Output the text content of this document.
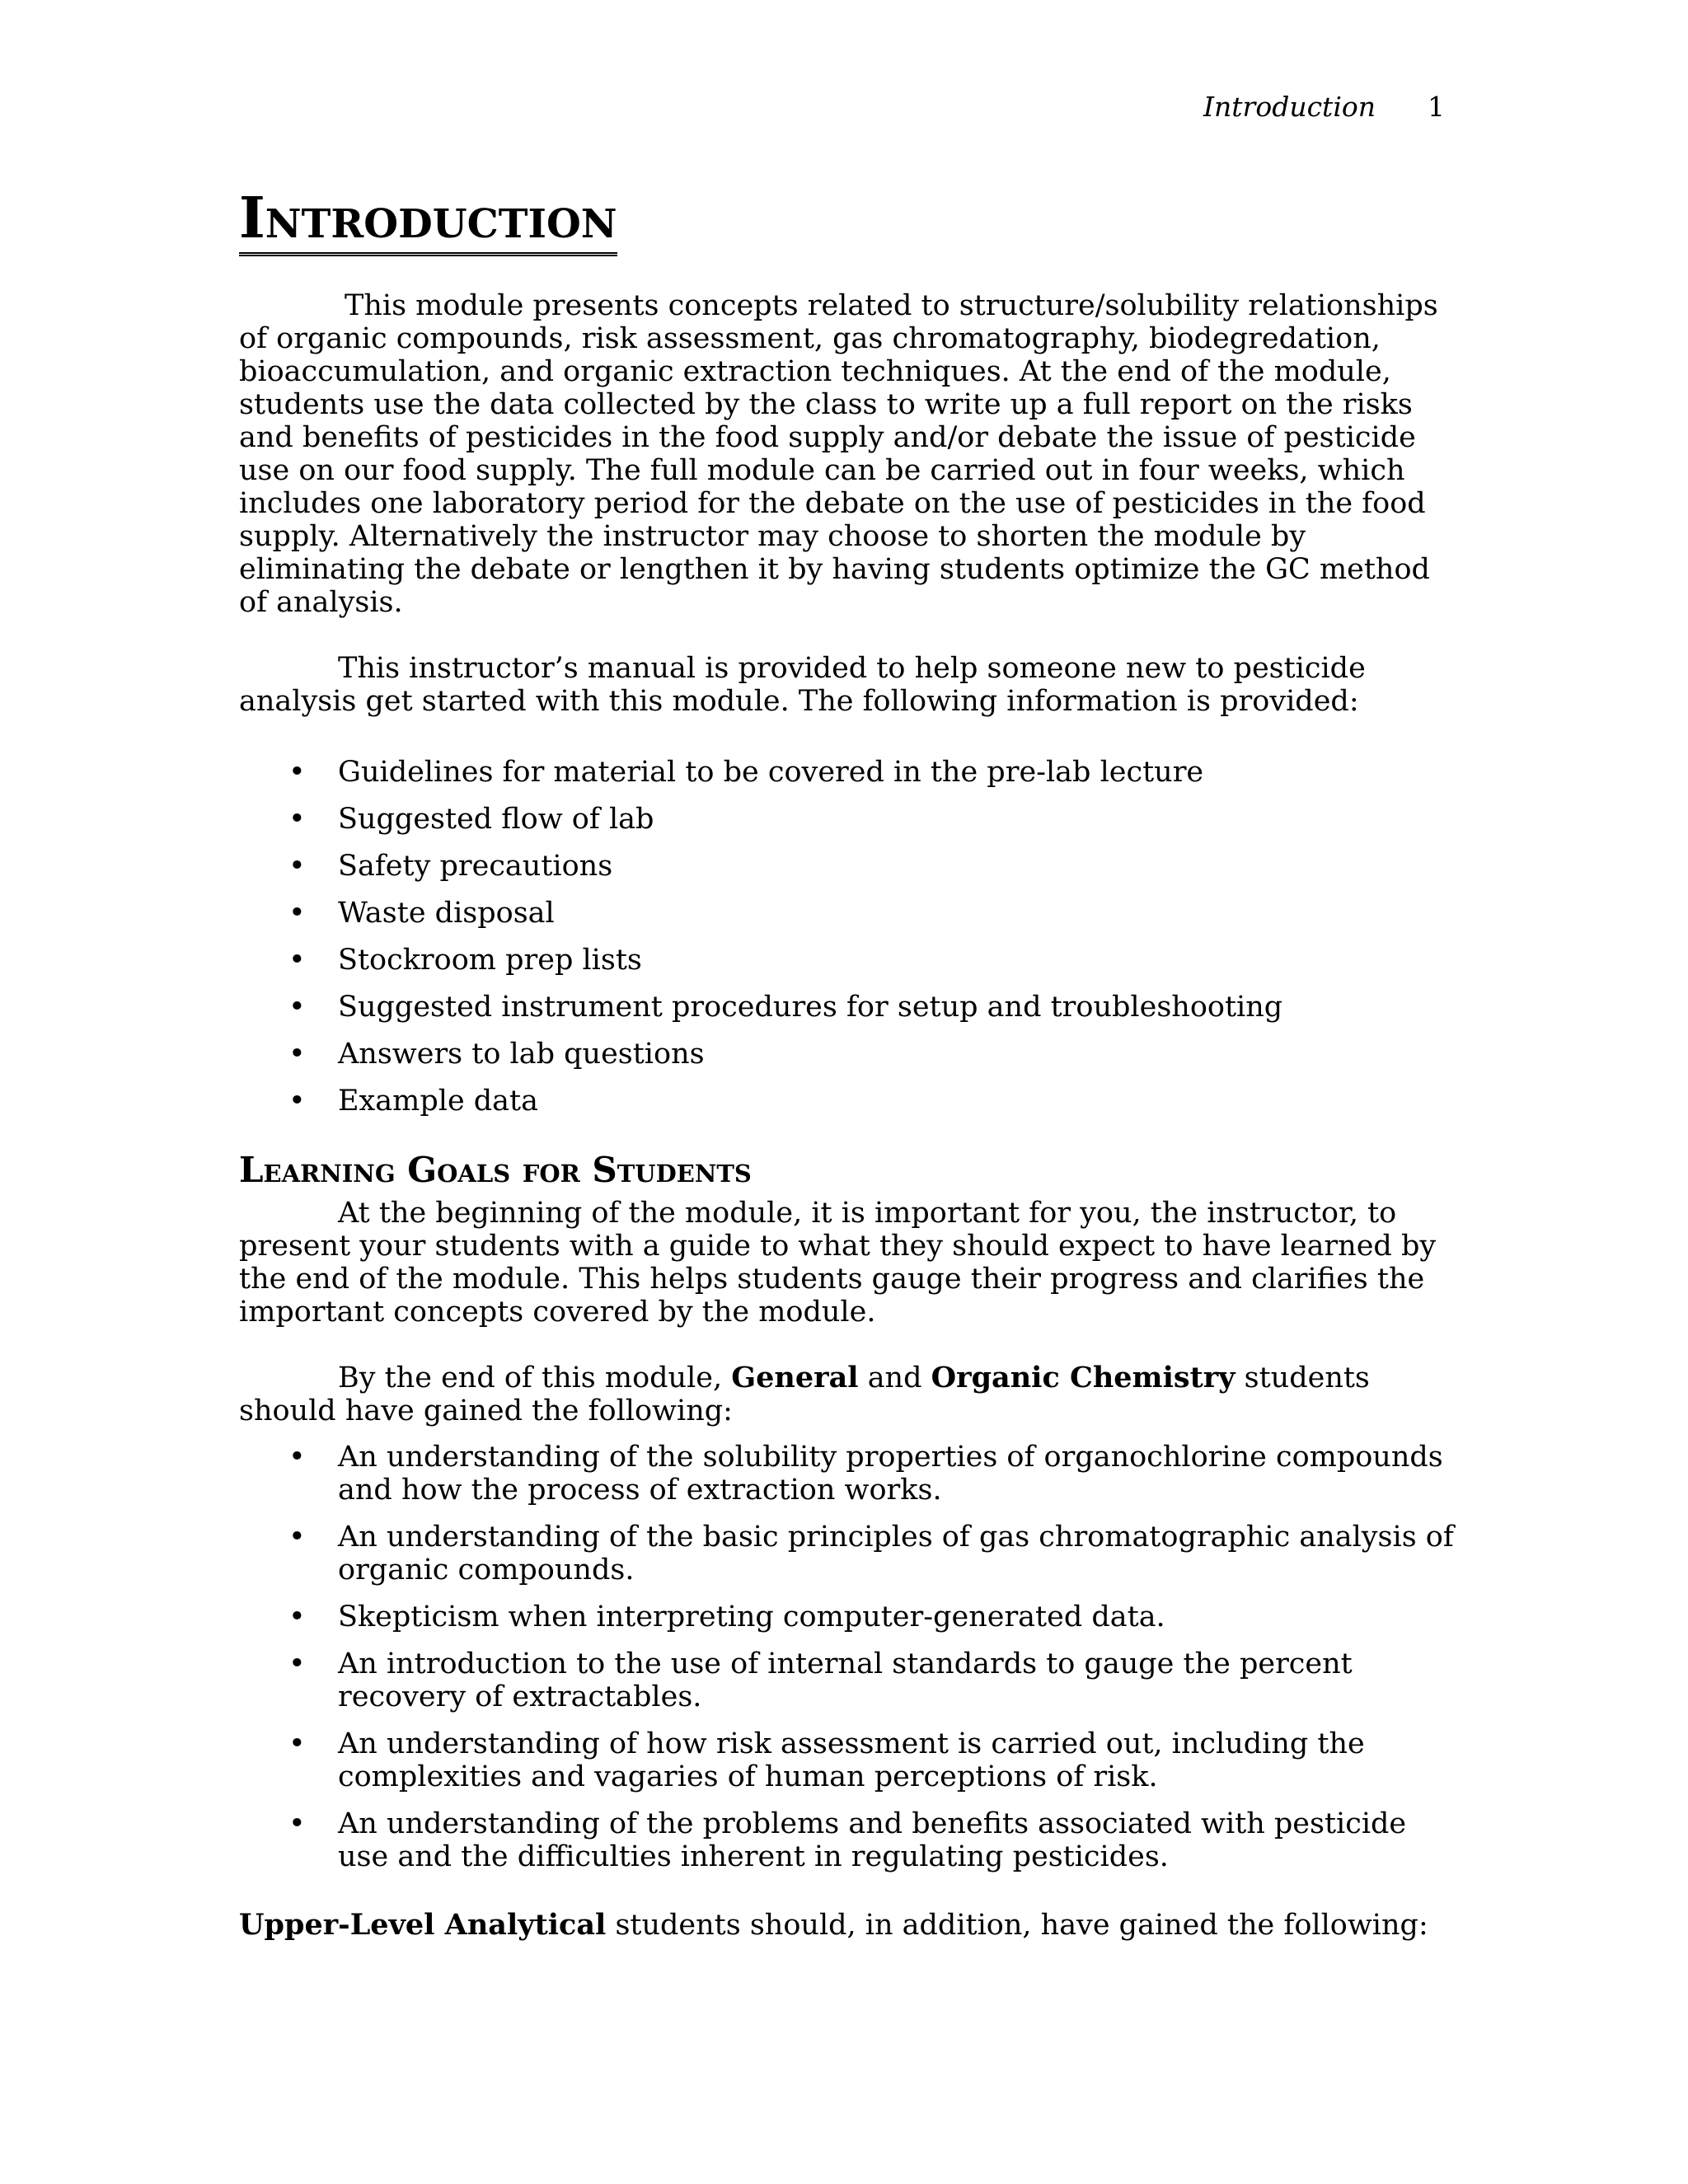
Introduction 1
Introduction

This module presents concepts related to structure/solubility relationships of organic compounds, risk assessment, gas chromatography, biodegredation, bioaccumulation, and organic extraction techniques. At the end of the module, students use the data collected by the class to write up a full report on the risks and benefits of pesticides in the food supply and/or debate the issue of pesticide use on our food supply. The full module can be carried out in four weeks, which includes one laboratory period for the debate on the use of pesticides in the food supply. Alternatively the instructor may choose to shorten the module by eliminating the debate or lengthen it by having students optimize the GC method of analysis.

This instructor’s manual is provided to help someone new to pesticide analysis get started with this module. The following information is provided:

• Guidelines for material to be covered in the pre-lab lecture
• Suggested flow of lab
• Safety precautions
• Waste disposal
• Stockroom prep lists
• Suggested instrument procedures for setup and troubleshooting
• Answers to lab questions
• Example data
Learning Goals for Students

At the beginning of the module, it is important for you, the instructor, to present your students with a guide to what they should expect to have learned by the end of the module. This helps students gauge their progress and clarifies the important concepts covered by the module.

By the end of this module, General and Organic Chemistry students should have gained the following:

• An understanding of the solubility properties of organochlorine compounds and how the process of extraction works.
• An understanding of the basic principles of gas chromatographic analysis of organic compounds.
• Skepticism when interpreting computer-generated data.
• An introduction to the use of internal standards to gauge the percent recovery of extractables.
• An understanding of how risk assessment is carried out, including the complexities and vagaries of human perceptions of risk.
• An understanding of the problems and benefits associated with pesticide use and the difficulties inherent in regulating pesticides.

Upper-Level Analytical students should, in addition, have gained the following:
